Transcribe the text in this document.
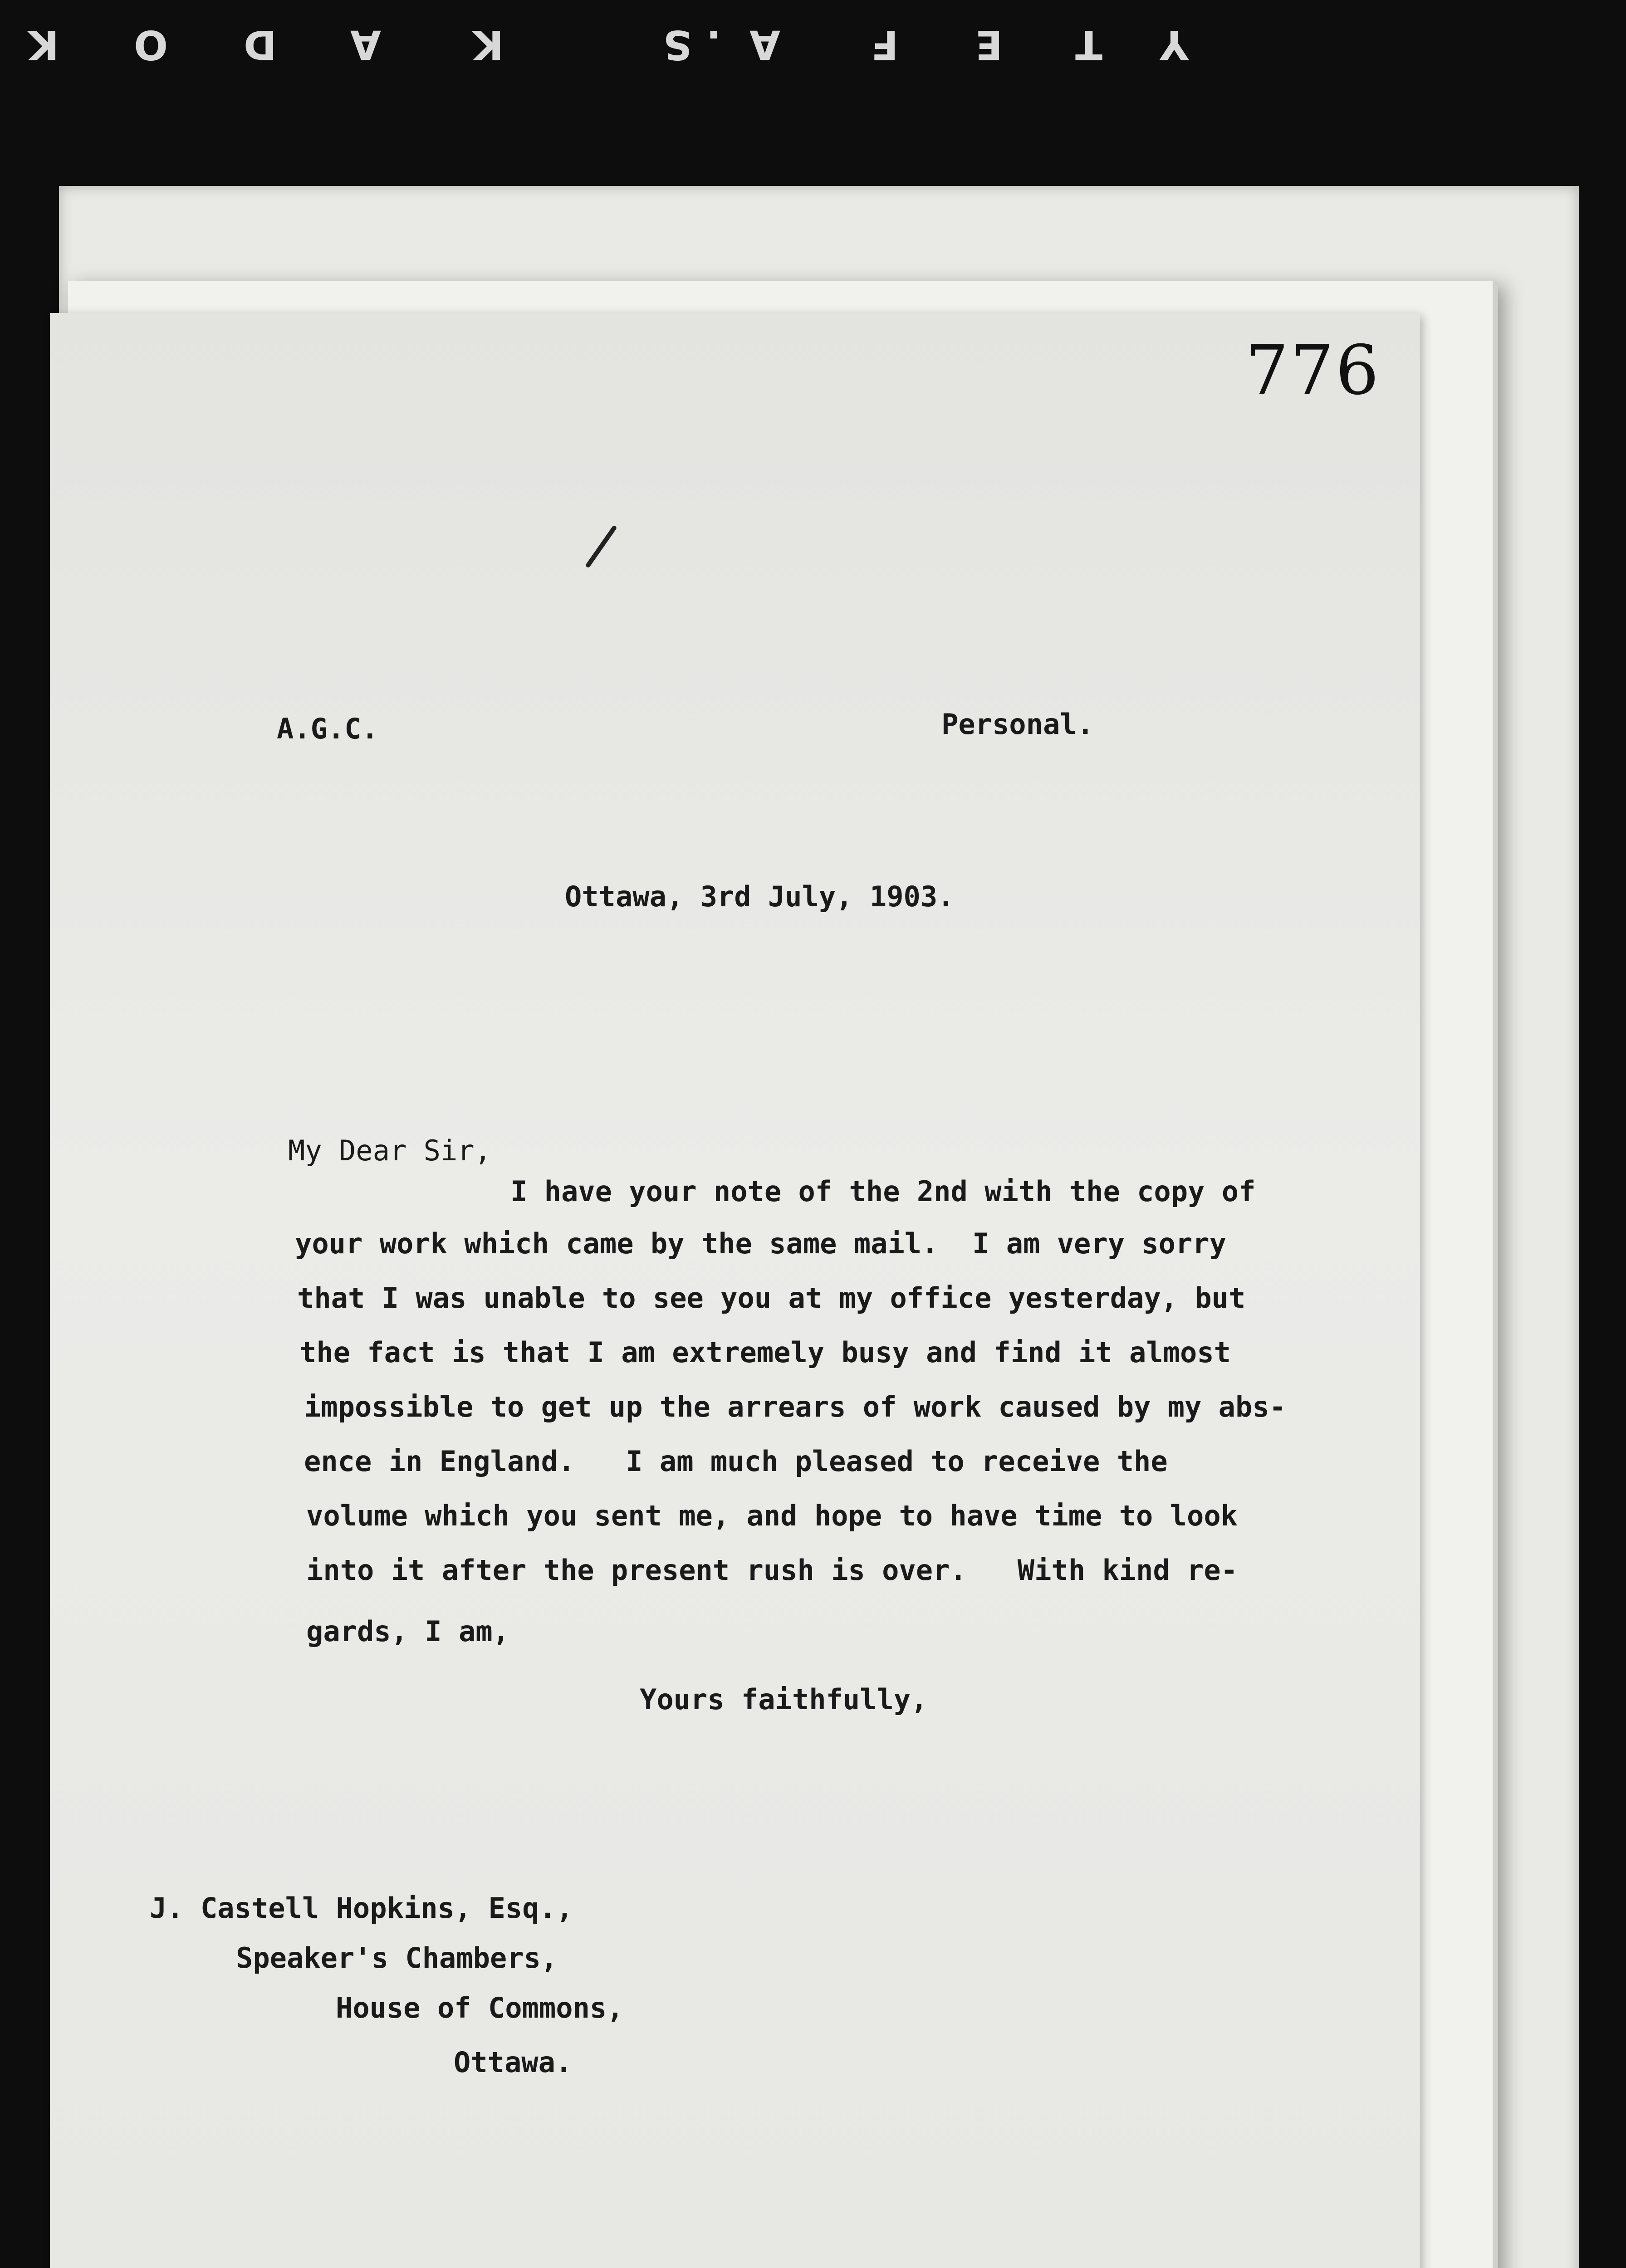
K O D A K	S . A F E T Y
776
A.G.C.	Personal.
Ottawa, 3rd July, 1903.
My Dear Sir,
I have your note of the 2nd with the copy of
your work which came by the same mail.  I am very sorry
that I was unable to see you at my office yesterday, but
the fact is that I am extremely busy and find it almost
impossible to get up the arrears of work caused by my abs-
ence in England.   I am much pleased to receive the
volume which you sent me, and hope to have time to look
into it after the present rush is over.   With kind re-
gards, I am,
Yours faithfully,
J. Castell Hopkins, Esq.,
Speaker's Chambers,
House of Commons,
Ottawa.
